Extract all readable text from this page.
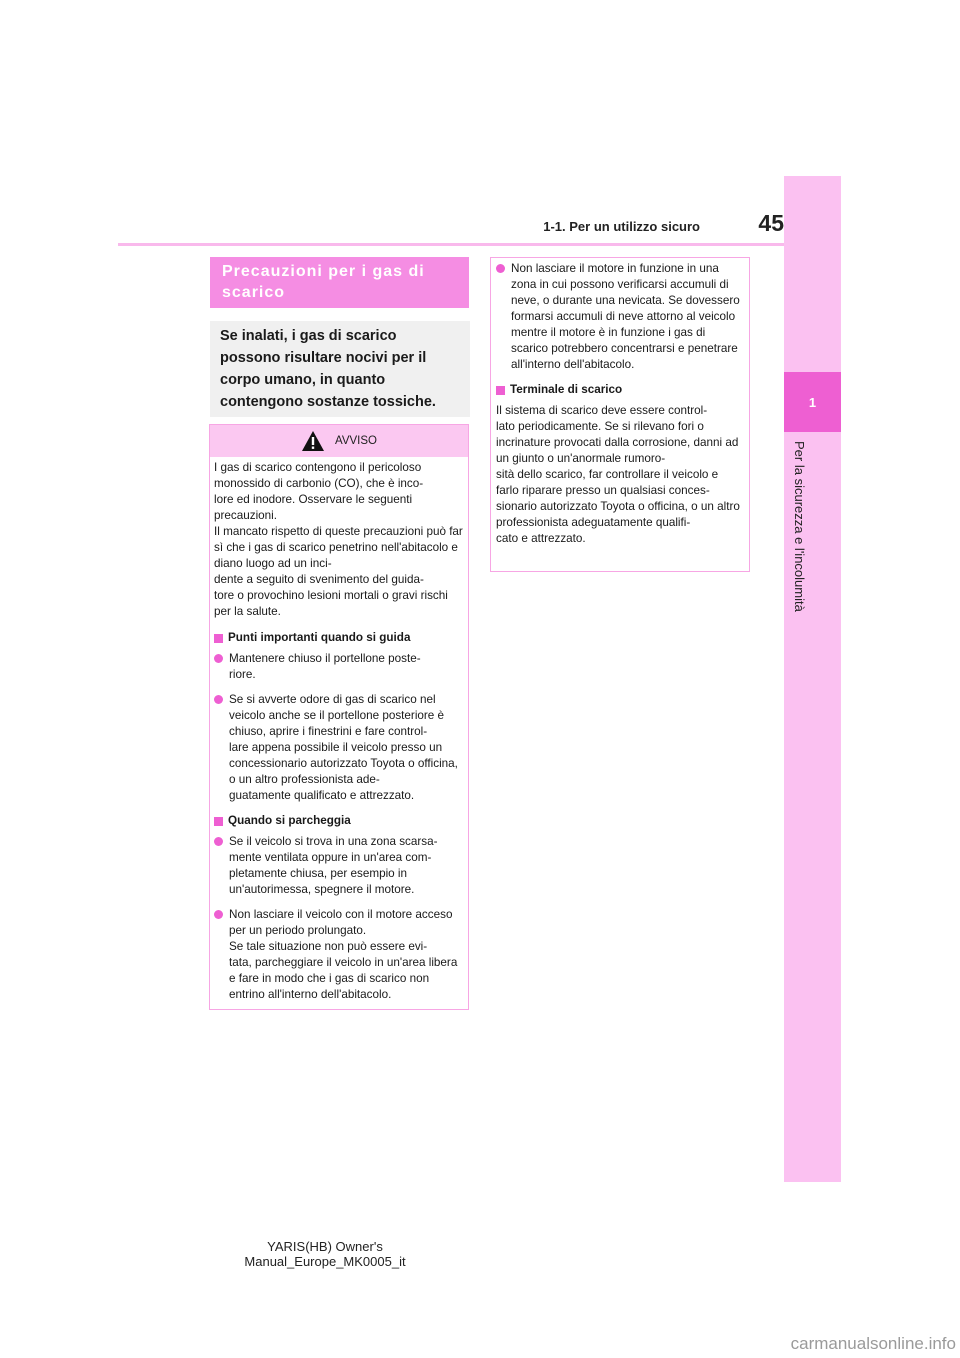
45
1-1. Per un utilizzo sicuro
1
Per la sicurezza e l'incolumità
Precauzioni per i gas di scarico
Se inalati, i gas di scarico possono risultare nocivi per il corpo umano, in quanto contengono sostanze tossiche.
AVVISO

I gas di scarico contengono il pericoloso monossido di carbonio (CO), che è inco-
lore ed inodore. Osservare le seguenti precauzioni.
Il mancato rispetto di queste precauzioni può far sì che i gas di scarico penetrino nell'abitacolo e diano luogo ad un inci-
dente a seguito di svenimento del guida-
tore o provochino lesioni mortali o gravi rischi per la salute.

Punti importanti quando si guida
Mantenere chiuso il portellone poste-
riore.
Se si avverte odore di gas di scarico nel veicolo anche se il portellone posteriore è chiuso, aprire i finestrini e fare control-
lare appena possibile il veicolo presso un concessionario autorizzato Toyota o officina, o un altro professionista ade-
guatamente qualificato e attrezzato.
Quando si parcheggia
Se il veicolo si trova in una zona scarsa-
mente ventilata oppure in un'area com-
pletamente chiusa, per esempio in un'autorimessa, spegnere il motore.
Non lasciare il veicolo con il motore acceso per un periodo prolungato.
Se tale situazione non può essere evi-
tata, parcheggiare il veicolo in un'area libera e fare in modo che i gas di scarico non entrino all'interno dell'abitacolo.
Non lasciare il motore in funzione in una zona in cui possono verificarsi accumuli di neve, o durante una nevicata. Se dovessero formarsi accumuli di neve attorno al veicolo mentre il motore è in funzione i gas di scarico potrebbero concentrarsi e penetrare all'interno dell'abitacolo.
Terminale di scarico

Il sistema di scarico deve essere control-
lato periodicamente. Se si rilevano fori o incrinature provocati dalla corrosione, danni ad un giunto o un'anormale rumoro-
sità dello scarico, far controllare il veicolo e farlo riparare presso un qualsiasi conces-
sionario autorizzato Toyota o officina, o un altro professionista adeguatamente qualifi-
cato e attrezzato.

YARIS(HB) Owner's Manual_Europe_MK0005_it
carmanualsonline.info
